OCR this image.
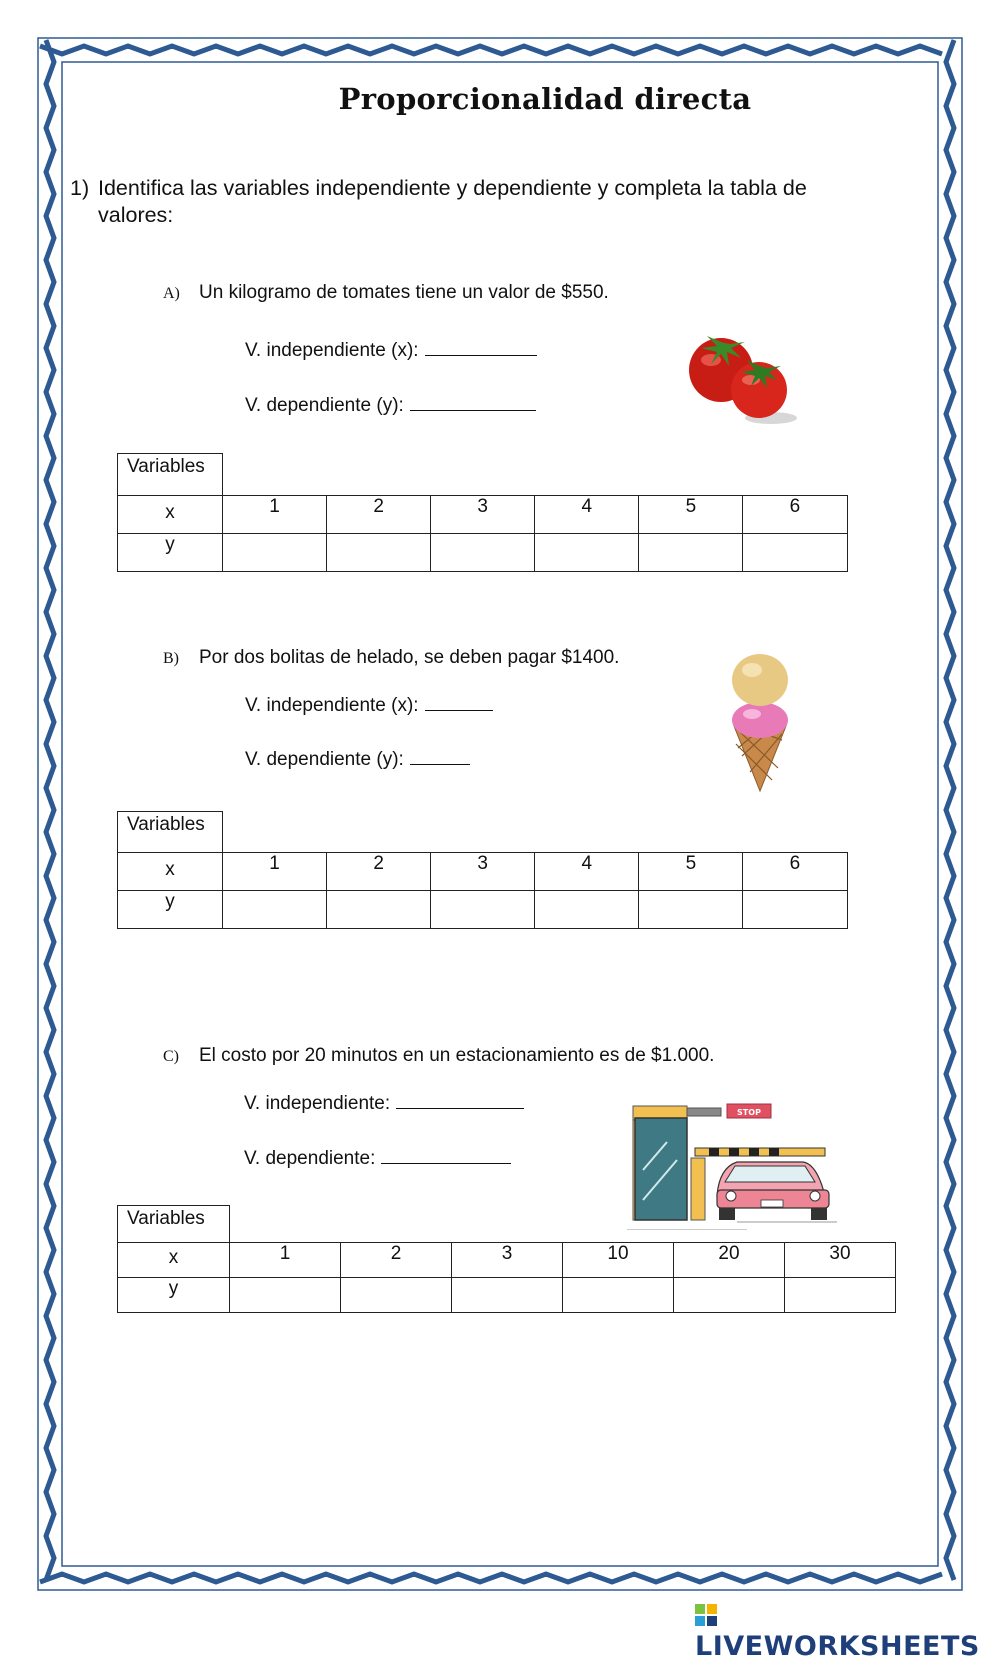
Proporcionalidad directa
1) Identifica las variables independiente y dependiente y completa la tabla de valores:
A) Un kilogramo de tomates tiene un valor de $550.
V. independiente (x):
V. dependiente (y):
Variables						
x	1	2	3	4	5	6
y						
B) Por dos bolitas de helado, se deben pagar $1400.
V. independiente (x):
V. dependiente (y):
Variables						
x	1	2	3	4	5	6
y						
C) El costo por 20 minutos en un estacionamiento es de $1.000.
V. independiente:
V. dependiente:
STOP
Variables						
x	1	2	3	10	20	30
y						
LIVEWORKSHEETS
